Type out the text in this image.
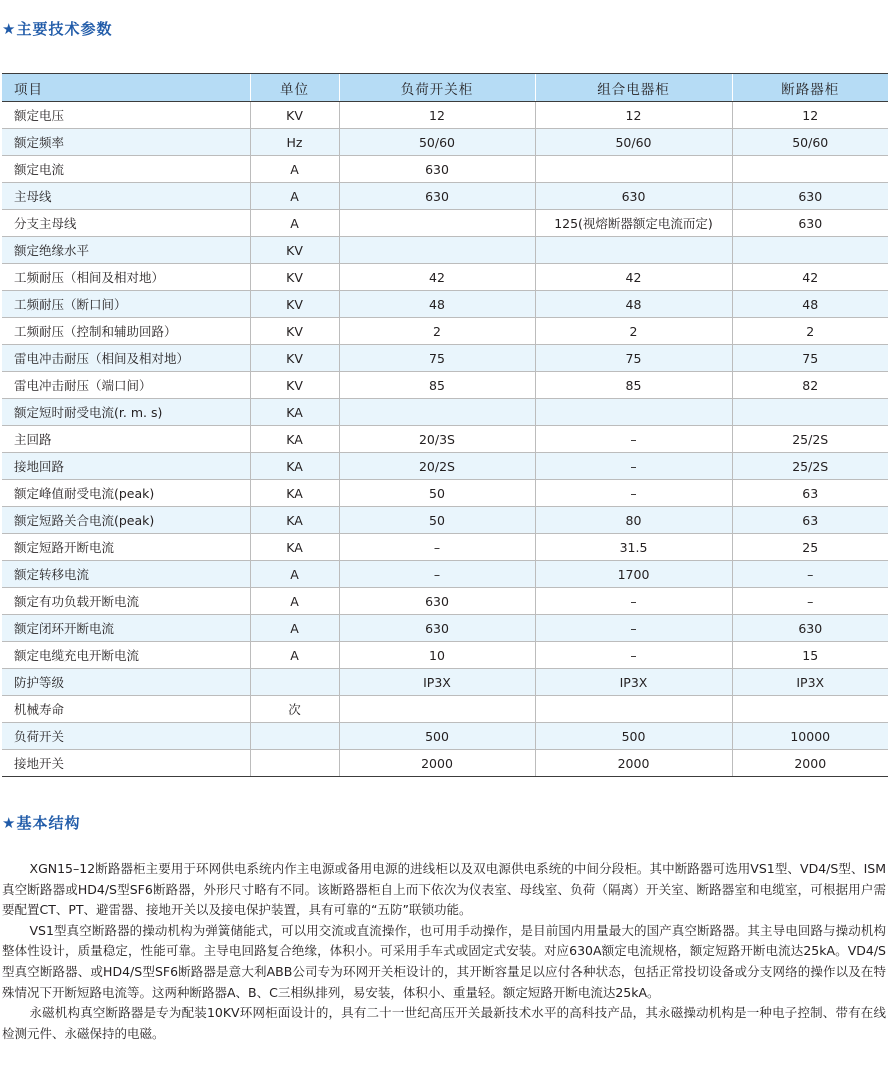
★主要技术参数
项目	单位	负荷开关柜	组合电器柜	断路器柜
额定电压	KV	12	12	12
额定频率	Hz	50/60	50/60	50/60
额定电流	A	630		
主母线	A	630	630	630
分支主母线	A		125(视熔断器额定电流而定)	630
额定绝缘水平	KV			
工频耐压（相间及相对地）	KV	42	42	42
工频耐压（断口间）	KV	48	48	48
工频耐压（控制和辅助回路）	KV	2	2	2
雷电冲击耐压（相间及相对地）	KV	75	75	75
雷电冲击耐压（端口间）	KV	85	85	82
额定短时耐受电流(r. m. s)	KA			
主回路	KA	20/3S	–	25/2S
接地回路	KA	20/2S	–	25/2S
额定峰值耐受电流(peak)	KA	50	–	63
额定短路关合电流(peak)	KA	50	80	63
额定短路开断电流	KA	–	31.5	25
额定转移电流	A	–	1700	–
额定有功负载开断电流	A	630	–	–
额定闭环开断电流	A	630	–	630
额定电缆充电开断电流	A	10	–	15
防护等级		IP3X	IP3X	IP3X
机械寿命	次			
负荷开关		500	500	10000
接地开关		2000	2000	2000
★基本结构

XGN15–12断路器柜主要用于环网供电系统内作主电源或备用电源的进线柜以及双电源供电系统的中间分段柜。其中断路器可选用VS1型、VD4/S型、ISM真空断路器或HD4/S型SF6断路器，外形尺寸略有不同。该断路器柜自上而下依次为仪表室、母线室、负荷（隔离）开关室、断路器室和电缆室，可根据用户需要配置CT、PT、避雷器、接地开关以及接电保护装置，具有可靠的“五防”联锁功能。

VS1型真空断路器的操动机构为弹簧储能式，可以用交流或直流操作，也可用手动操作，是目前国内用量最大的国产真空断路器。其主导电回路与操动机构整体性设计，质量稳定，性能可靠。主导电回路复合绝缘，体积小。可采用手车式或固定式安装。对应630A额定电流规格，额定短路开断电流达25kA。VD4/S型真空断路器、或HD4/S型SF6断路器是意大利ABB公司专为环网开关柜设计的，其开断容量足以应付各种状态，包括正常投切设备或分支网络的操作以及在特殊情况下开断短路电流等。这两种断路器A、B、C三相纵排列，易安装，体积小、重量轻。额定短路开断电流达25kA。

永磁机构真空断路器是专为配装10KV环网柜面设计的，具有二十一世纪高压开关最新技术水平的高科技产品，其永磁操动机构是一种电子控制、带有在线检测元件、永磁保持的电磁。
